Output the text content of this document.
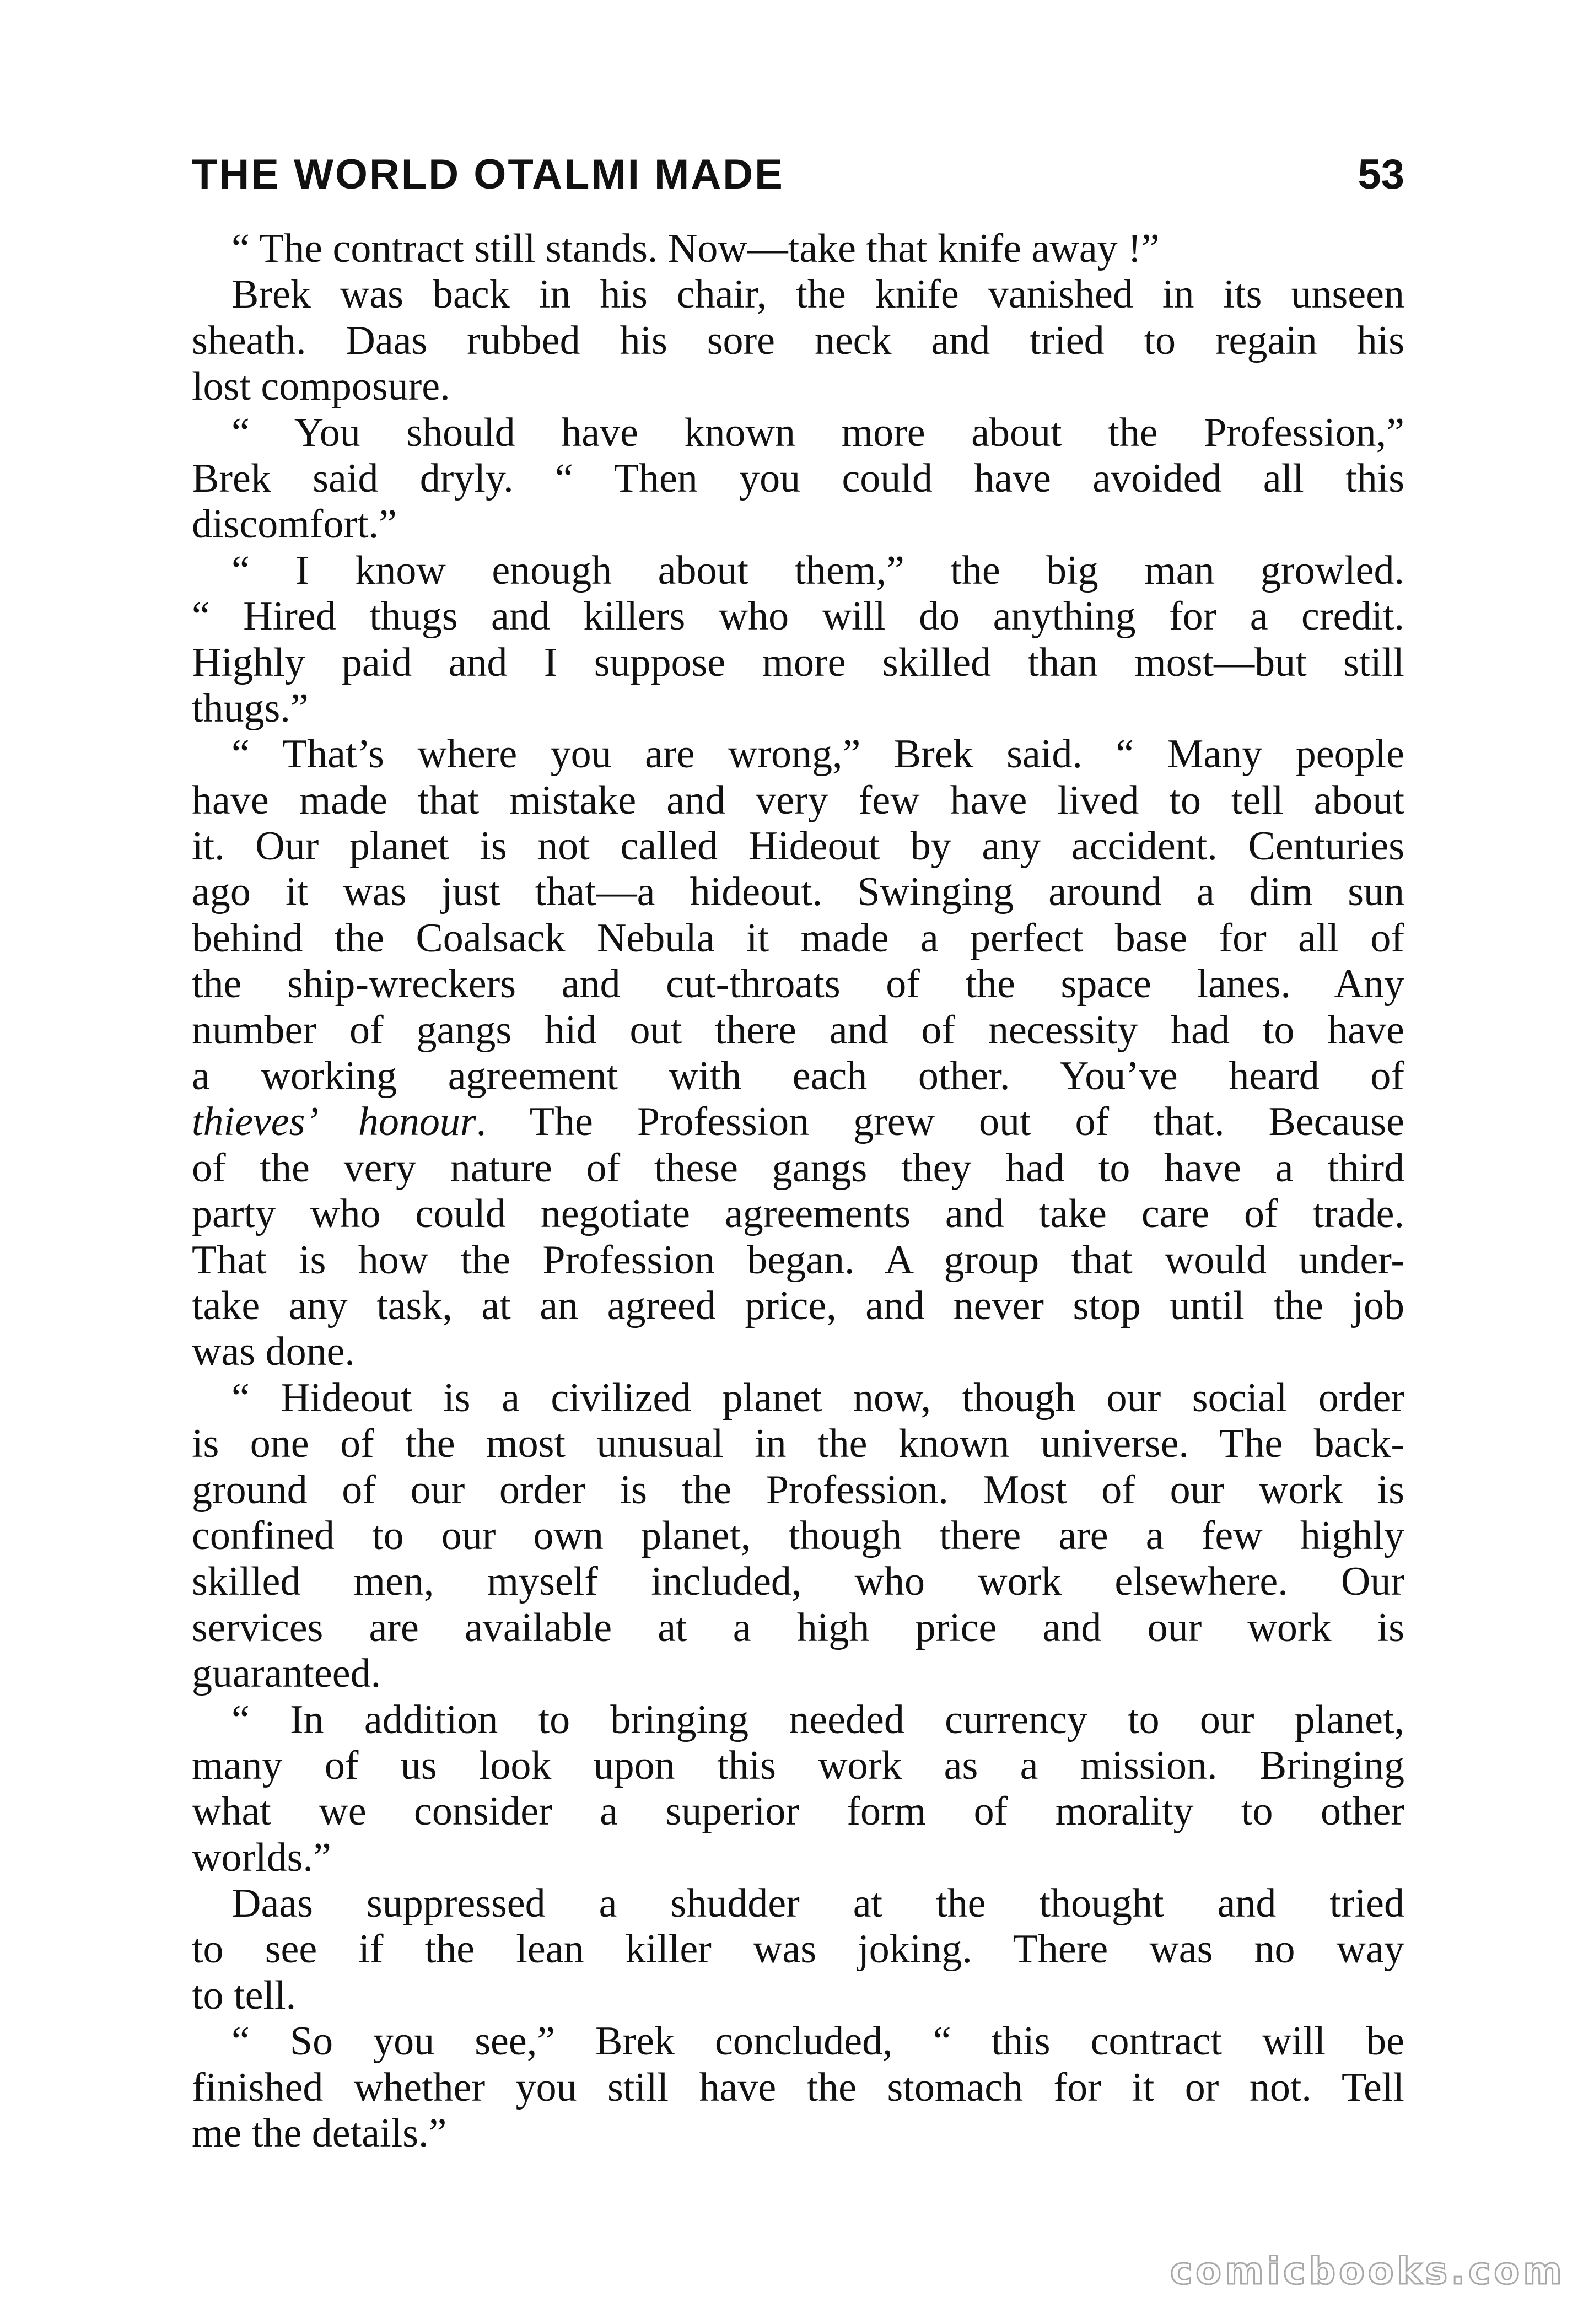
THE WORLD OTALMI MADE	53
“ The contract still stands. Now—take that knife away !”
Brek was back in his chair, the knife vanished in its unseen
sheath. Daas rubbed his sore neck and tried to regain his
lost composure.
“ You should have known more about the Profession,”
Brek said dryly. “ Then you could have avoided all this
discomfort.”
“ I know enough about them,” the big man growled.
“ Hired thugs and killers who will do anything for a credit.
Highly paid and I suppose more skilled than most—but still
thugs.”
“ That’s where you are wrong,” Brek said. “ Many people
have made that mistake and very few have lived to tell about
it. Our planet is not called Hideout by any accident. Centuries
ago it was just that—a hideout. Swinging around a dim sun
behind the Coalsack Nebula it made a perfect base for all of
the ship-wreckers and cut-throats of the space lanes. Any
number of gangs hid out there and of necessity had to have
a working agreement with each other. You’ve heard of
thieves’ honour. The Profession grew out of that. Because
of the very nature of these gangs they had to have a third
party who could negotiate agreements and take care of trade.
That is how the Profession began. A group that would under-
take any task, at an agreed price, and never stop until the job
was done.
“ Hideout is a civilized planet now, though our social order
is one of the most unusual in the known universe. The back-
ground of our order is the Profession. Most of our work is
confined to our own planet, though there are a few highly
skilled men, myself included, who work elsewhere. Our
services are available at a high price and our work is
guaranteed.
“ In addition to bringing needed currency to our planet,
many of us look upon this work as a mission. Bringing
what we consider a superior form of morality to other
worlds.”
Daas suppressed a shudder at the thought and tried
to see if the lean killer was joking. There was no way
to tell.
“ So you see,” Brek concluded, “ this contract will be
finished whether you still have the stomach for it or not. Tell
me the details.”
comicbooks.com
